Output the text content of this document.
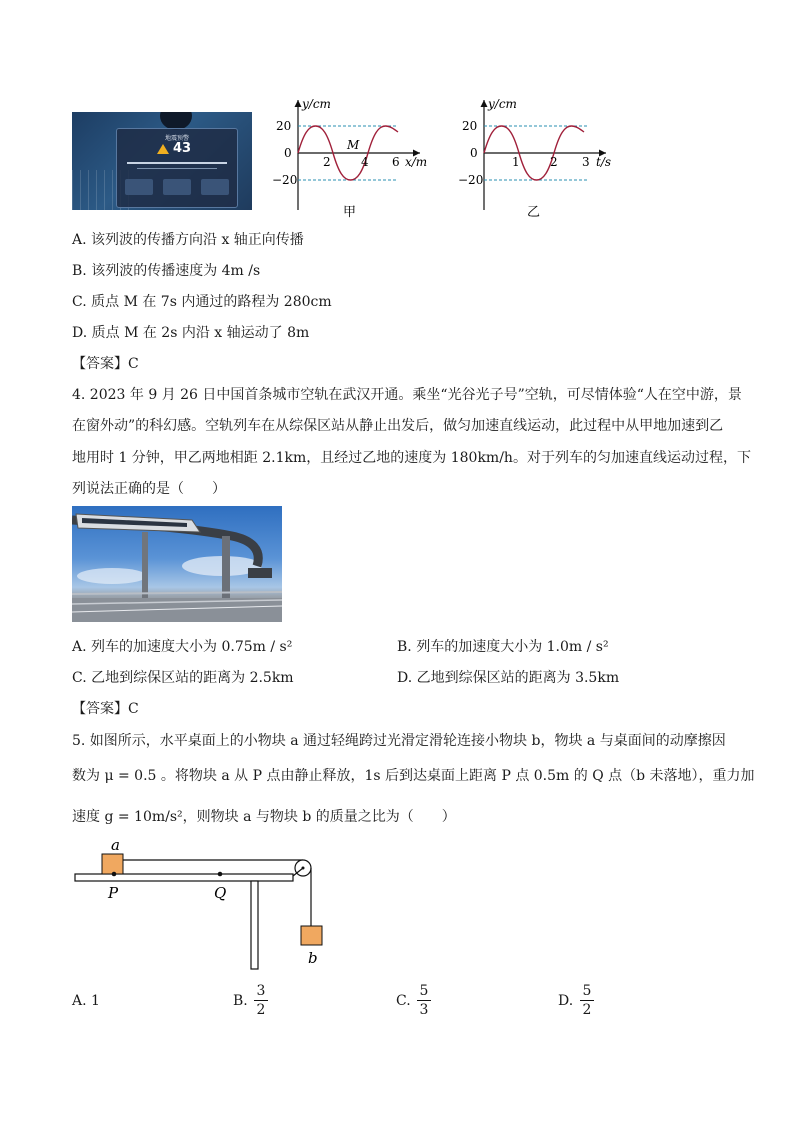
地震预警
43
y/cm
20
0
−20
2	4 6 x/m
M
甲
y/cm
20
0
−20
1	2 3 t/s
乙
A. 该列波的传播方向沿 x 轴正向传播
B. 该列波的传播速度为 4m /s
C. 质点 M 在 7s 内通过的路程为 280cm
D. 质点 M 在 2s 内沿 x 轴运动了 8m
【答案】C
4. 2023 年 9 月 26 日中国首条城市空轨在武汉开通。乘坐“光谷光子号”空轨，可尽情体验“人在空中游，景
在窗外动”的科幻感。空轨列车在从综保区站从静止出发后，做匀加速直线运动，此过程中从甲地加速到乙
地用时 1 分钟，甲乙两地相距 2.1km，且经过乙地的速度为 180km/h。对于列车的匀加速直线运动过程，下
列说法正确的是（　　）
A. 列车的加速度大小为 0.75m / s²	B. 列车的加速度大小为 1.0m / s²
C. 乙地到综保区站的距离为 2.5km	D. 乙地到综保区站的距离为 3.5km
【答案】C
5. 如图所示，水平桌面上的小物块 a 通过轻绳跨过光滑定滑轮连接小物块 b，物块 a 与桌面间的动摩擦因
数为 μ = 0.5 。将物块 a 从 P 点由静止释放，1s 后到达桌面上距离 P 点 0.5m 的 Q 点（b 未落地），重力加
速度 g = 10m/s²，则物块 a 与物块 b 的质量之比为（　　）
a
P	Q
b
A. 1	B.
3
2
C.
5
3
D.
5
2
